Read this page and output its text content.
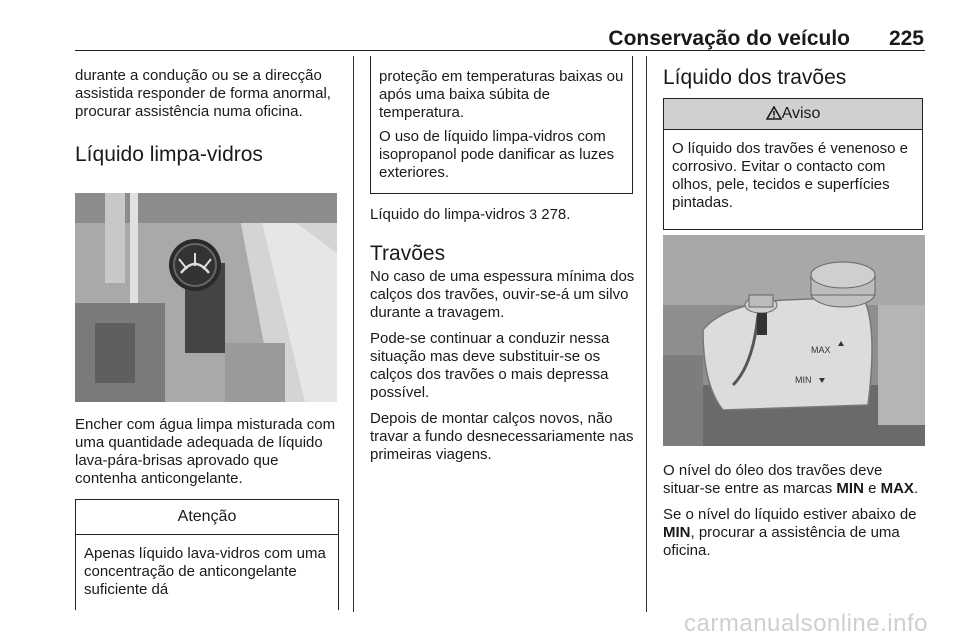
Conservação do veículo 225

durante a condução ou se a direcção assistida responder de forma anormal, procurar assistência numa oficina.

Líquido limpa-vidros

Encher com água limpa misturada com uma quantidade adequada de líquido lava-pára-brisas aprovado que contenha anticongelante.

Atenção
Apenas líquido lava-vidros com uma concentração de anticongelante suficiente dá

proteção em temperaturas baixas ou após uma baixa súbita de temperatura.

O uso de líquido limpa-vidros com isopropanol pode danificar as luzes exteriores.

Líquido do limpa-vidros 3 278.

Travões

No caso de uma espessura mínima dos calços dos travões, ouvir-se-á um silvo durante a travagem.

Pode-se continuar a conduzir nessa situação mas deve substituir-se os calços dos travões o mais depressa possível.

Depois de montar calços novos, não travar a fundo desnecessariamente nas primeiras viagens.

Líquido dos travões
Aviso
O líquido dos travões é venenoso e corrosivo. Evitar o contacto com olhos, pele, tecidos e superfícies pintadas.
MAX
MIN

O nível do óleo dos travões deve situar-se entre as marcas MIN e MAX.

Se o nível do líquido estiver abaixo de MIN, procurar a assistência de uma oficina.

carmanualsonline.info
